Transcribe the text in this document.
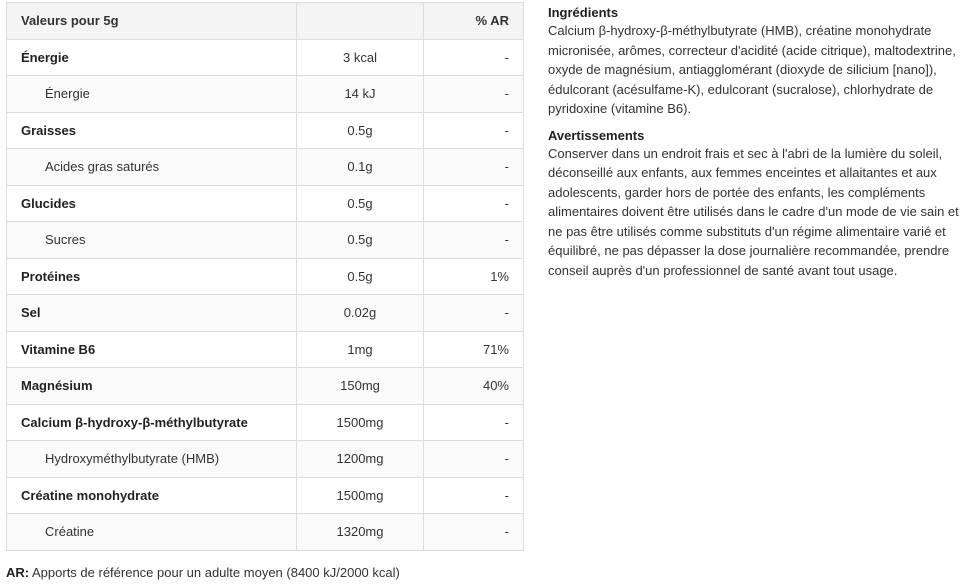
Valeurs pour 5g		% AR
Énergie	3 kcal	-
Énergie	14 kJ	-
Graisses	0.5g	-
Acides gras saturés	0.1g	-
Glucides	0.5g	-
Sucres	0.5g	-
Protéines	0.5g	1%
Sel	0.02g	-
Vitamine B6	1mg	71%
Magnésium	150mg	40%
Calcium β-hydroxy-β-méthylbutyrate	1500mg	-
Hydroxyméthylbutyrate (HMB)	1200mg	-
Créatine monohydrate	1500mg	-
Créatine	1320mg	-

AR: Apports de référence pour un adulte moyen (8400 kJ/2000 kcal)

Ingrédients

Calcium β-hydroxy-β-méthylbutyrate (HMB), créatine monohydrate micronisée, arômes, correcteur d'acidité (acide citrique), maltodextrine, oxyde de magnésium, antiagglomérant (dioxyde de silicium [nano]), édulcorant (acésulfame-K), edulcorant (sucralose), chlorhydrate de pyridoxine (vitamine B6).

Avertissements

Conserver dans un endroit frais et sec à l'abri de la lumière du soleil, déconseillé aux enfants, aux femmes enceintes et allaitantes et aux adolescents, garder hors de portée des enfants, les compléments alimentaires doivent être utilisés dans le cadre d'un mode de vie sain et ne pas être utilisés comme substituts d'un régime alimentaire varié et équilibré, ne pas dépasser la dose journalière recommandée, prendre conseil auprès d'un professionnel de santé avant tout usage.
